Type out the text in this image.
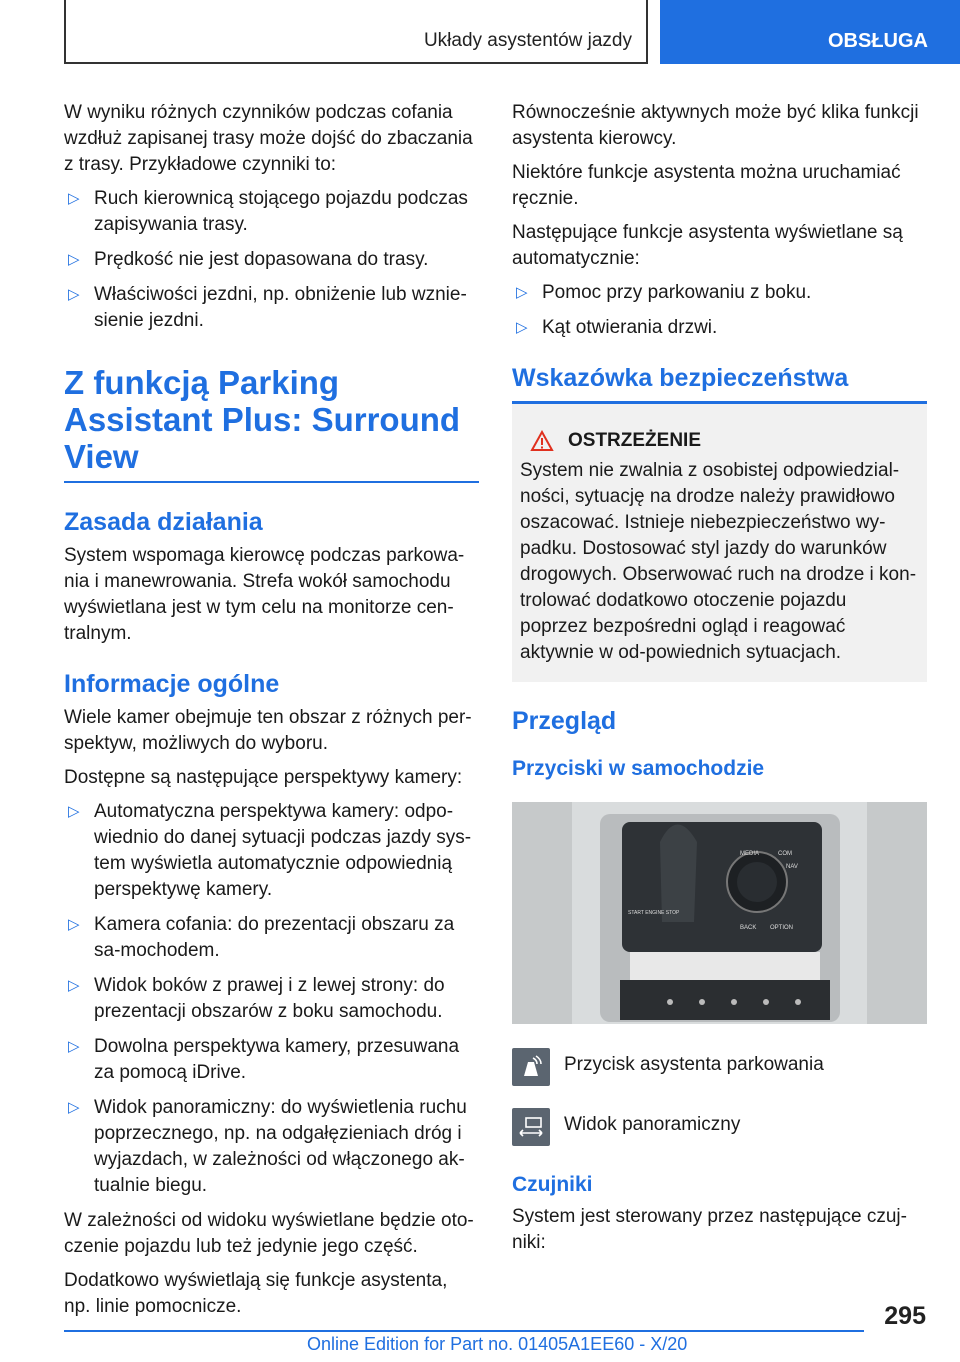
Układy asystentów jazdy	OBSŁUGA

W wyniku różnych czynników podczas cofania wzdłuż zapisanej trasy może dojść do zbaczania z trasy. Przykładowe czynniki to:

▷ Ruch kierownicą stojącego pojazdu podczas zapisywania trasy.
▷ Prędkość nie jest dopasowana do trasy.
▷ Właściwości jezdni, np. obniżenie lub wznie-sienie jezdni.
Z funkcją Parking Assistant Plus: Surround View
Zasada działania

System wspomaga kierowcę podczas parkowa-nia i manewrowania. Strefa wokół samochodu wyświetlana jest w tym celu na monitorze cen-tralnym.

Informacje ogólne

Wiele kamer obejmuje ten obszar z różnych per-spektyw, możliwych do wyboru.

Dostępne są następujące perspektywy kamery:

▷ Automatyczna perspektywa kamery: odpo-wiednio do danej sytuacji podczas jazdy sys-tem wyświetla automatycznie odpowiednią perspektywę kamery.
▷ Kamera cofania: do prezentacji obszaru za sa-mochodem.
▷ Widok boków z prawej i z lewej strony: do prezentacji obszarów z boku samochodu.
▷ Dowolna perspektywa kamery, przesuwana za pomocą iDrive.
▷ Widok panoramiczny: do wyświetlenia ruchu poprzecznego, np. na odgałęzieniach dróg i wyjazdach, w zależności od włączonego ak-tualnie biegu.

W zależności od widoku wyświetlane będzie oto-czenie pojazdu lub też jedynie jego część.

Dodatkowo wyświetlają się funkcje asystenta, np. linie pomocnicze.

Równocześnie aktywnych może być klika funkcji asystenta kierowcy.

Niektóre funkcje asystenta można uruchamiać ręcznie.

Następujące funkcje asystenta wyświetlane są automatycznie:

▷ Pomoc przy parkowaniu z boku.
▷ Kąt otwierania drzwi.
Wskazówka bezpieczeństwa
OSTRZEŻENIE
System nie zwalnia z osobistej odpowiedzial-ności, sytuację na drodze należy prawidłowo oszacować. Istnieje niebezpieczeństwo wy-padku. Dostosować styl jazdy do warunków drogowych. Obserwować ruch na drodze i kon-trolować dodatkowo otoczenie pojazdu poprzez bezpośredni ogląd i reagować aktywnie w od-powiednich sytuacjach.
Przegląd
Przyciski w samochodzie
MEDIA	COM
NAV
BACK OPTION
START ENGINE STOP
Przycisk asystenta parkowania
Widok panoramiczny
Czujniki

System jest sterowany przez następujące czuj-niki:

295
Online Edition for Part no. 01405A1EE60 - X/20
